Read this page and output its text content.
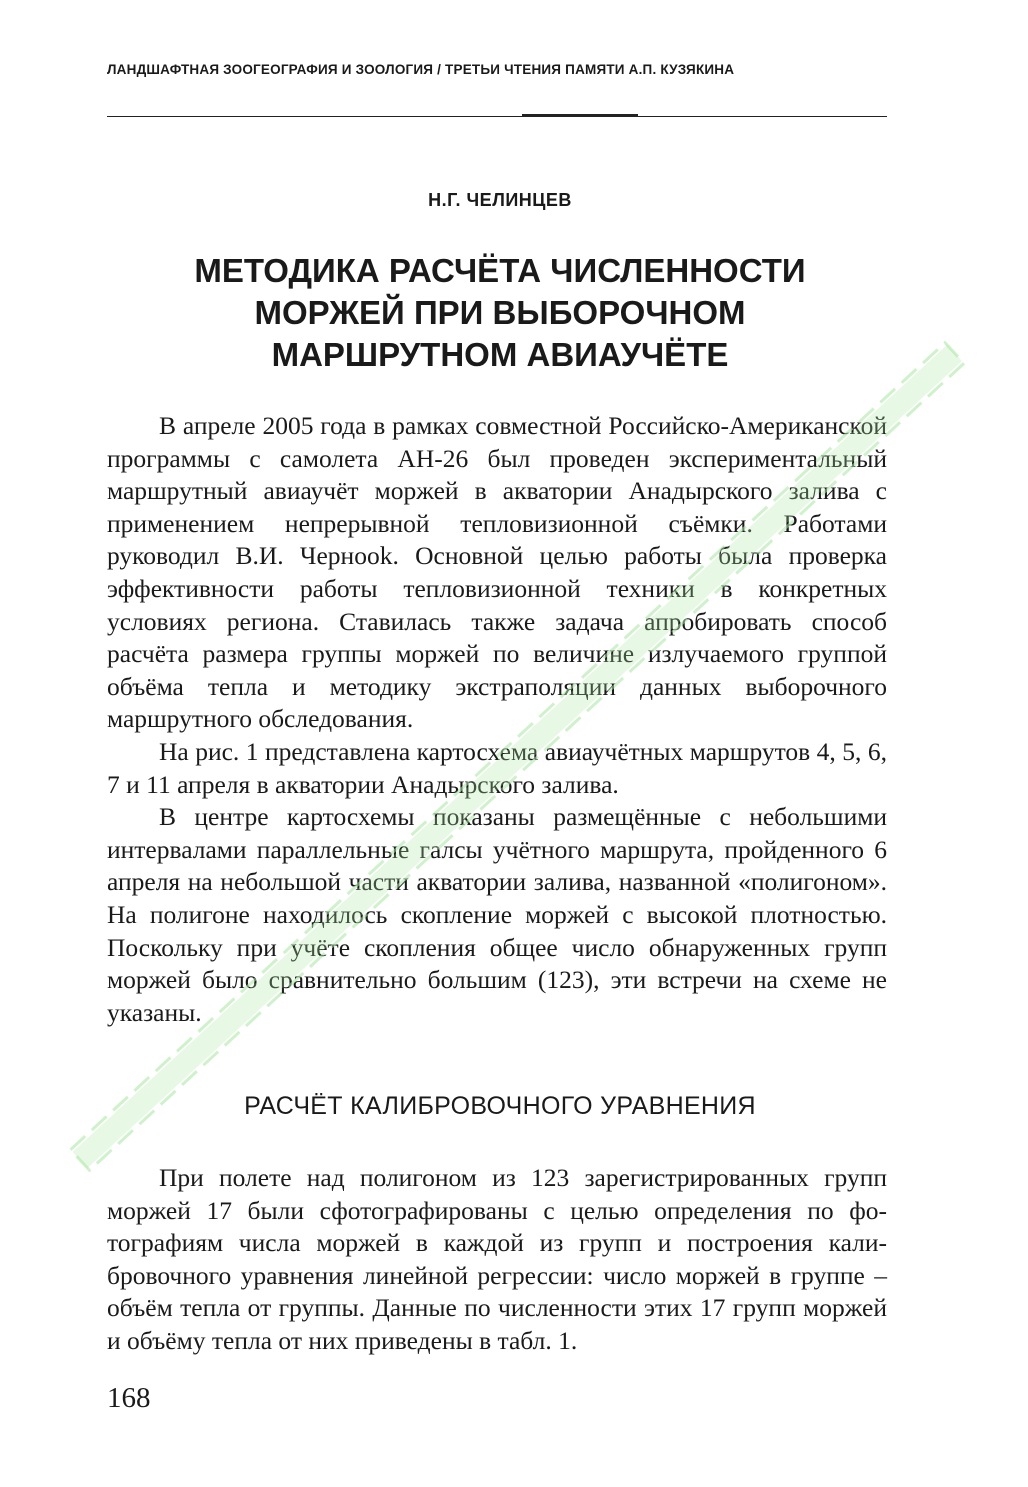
ЛАНДШАФТНАЯ ЗООГЕОГРАФИЯ И ЗООЛОГИЯ / ТРЕТЬИ ЧТЕНИЯ ПАМЯТИ А.П. КУЗЯКИНА
Н.Г. ЧЕЛИНЦЕВ
МЕТОДИКА РАСЧЁТА ЧИСЛЕННОСТИ
МОРЖЕЙ ПРИ ВЫБОРОЧНОМ
МАРШРУТНОМ АВИАУЧЁТЕ

В апреле 2005 года в рамках совместной Российско-Американской программы с самолета АН-26 был проведен экспериментальный маршрутный авиаучёт моржей в акватории Анадырского залива с применением непрерывной тепловизионной съёмки. Работами руководил В.И. Чернook. Основной целью работы была проверка эффективности работы тепловизионной техники в конкретных условиях региона. Ставилась также задача апробировать способ расчёта размера группы моржей по величине излучаемого группой объёма тепла и методику экстраполяции данных выборочного маршрутного обследования.

На рис. 1 представлена картосхема авиаучётных маршрутов 4, 5, 6, 7 и 11 апреля в акватории Анадырского залива.

В центре картосхемы показаны размещённые с небольшими интервалами параллельные галсы учётного маршрута, пройденного 6 апреля на небольшой части акватории залива, названной «полигоном». На полигоне находилось скопление моржей с высокой плотностью. Поскольку при учёте скопления общее число обнаруженных групп моржей было сравнительно большим (123), эти встречи на схеме не указаны.

РАСЧЁТ КАЛИБРОВОЧНОГО УРАВНЕНИЯ

При полете над полигоном из 123 зарегистрированных групп моржей 17 были сфотографированы с целью определения по фотографиям числа моржей в каждой из групп и построения калибровочного уравнения линейной регрессии: число моржей в группе – объём тепла от группы. Данные по численности этих 17 групп моржей и объёму тепла от них приведены в табл. 1.

168
